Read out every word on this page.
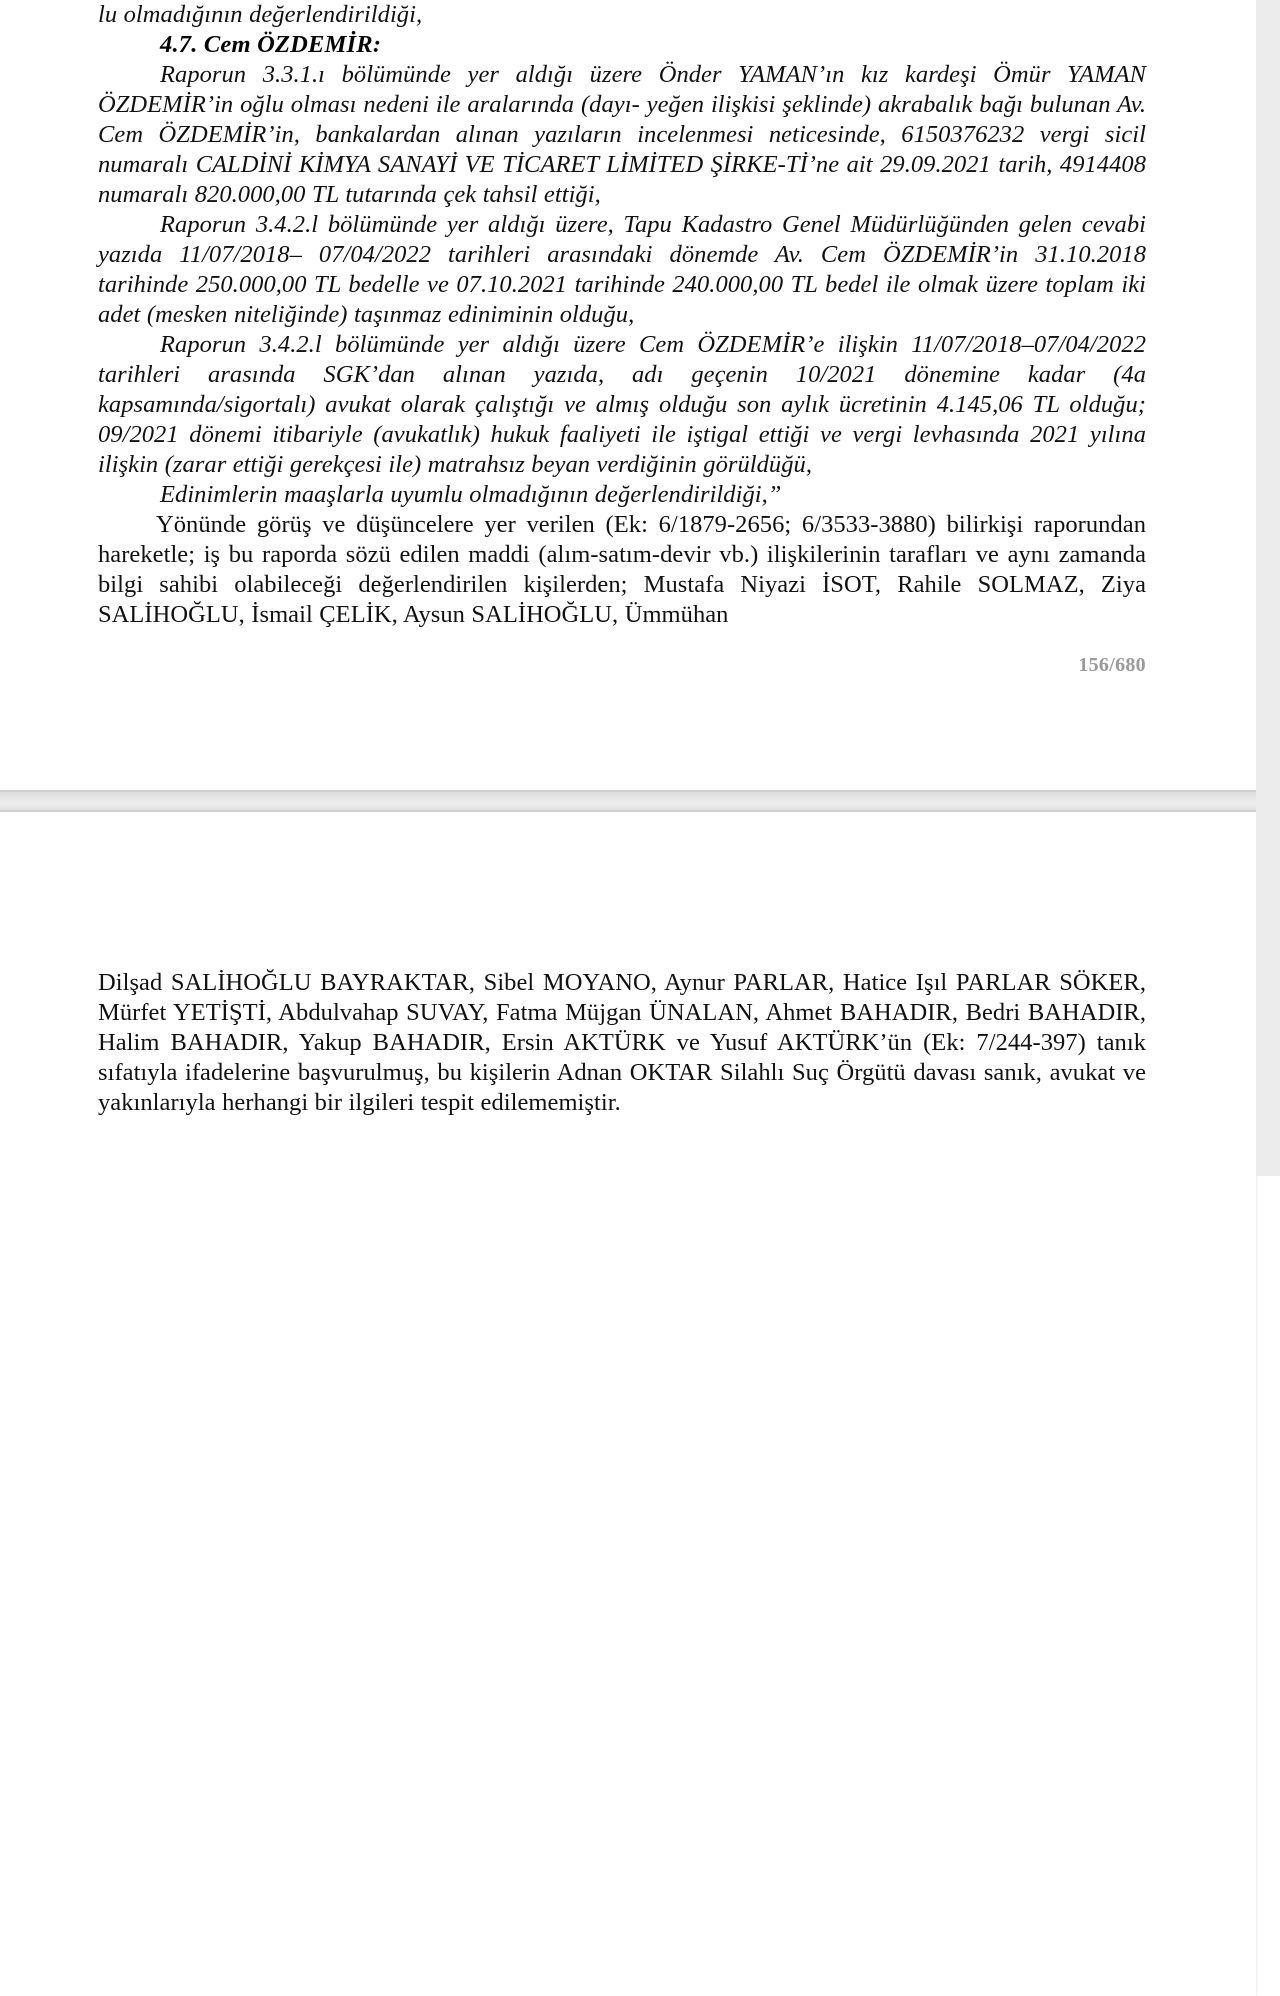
lu olmadığının değerlendirildiği,

4.7. Cem ÖZDEMİR:

Raporun 3.3.1.ı bölümünde yer aldığı üzere Önder YAMAN’ın kız kardeşi Ömür YAMAN ÖZDEMİR’in oğlu olması nedeni ile aralarında (dayı- yeğen ilişkisi şeklinde) akrabalık bağı bulunan Av. Cem ÖZDEMİR’in, bankalardan alınan yazıların incelenmesi neticesinde, 6150376232 vergi sicil numaralı CALDİNİ KİMYA SANAYİ VE TİCARET LİMİTED ŞİRKE-Tİ’ne ait 29.09.2021 tarih, 4914408 numaralı 820.000,00 TL tutarında çek tahsil ettiği,

Raporun 3.4.2.l bölümünde yer aldığı üzere, Tapu Kadastro Genel Müdürlüğünden gelen cevabi yazıda 11/07/2018– 07/04/2022 tarihleri arasındaki dönemde Av. Cem ÖZDEMİR’in 31.10.2018 tarihinde 250.000,00 TL bedelle ve 07.10.2021 tarihinde 240.000,00 TL bedel ile olmak üzere toplam iki adet (mesken niteliğinde) taşınmaz ediniminin olduğu,

Raporun 3.4.2.l bölümünde yer aldığı üzere Cem ÖZDEMİR’e ilişkin 11/07/2018–07/04/2022 tarihleri arasında SGK’dan alınan yazıda, adı geçenin 10/2021 dönemine kadar (4a kapsamında/sigortalı) avukat olarak çalıştığı ve almış olduğu son aylık ücretinin 4.145,06 TL olduğu; 09/2021 dönemi itibariyle (avukatlık) hukuk faaliyeti ile iştigal ettiği ve vergi levhasında 2021 yılına ilişkin (zarar ettiği gerekçesi ile) matrahsız beyan verdiğinin görüldüğü,

Edinimlerin maaşlarla uyumlu olmadığının değerlendirildiği,”

Yönünde görüş ve düşüncelere yer verilen (Ek: 6/1879-2656; 6/3533-3880) bilirkişi raporundan hareketle; iş bu raporda sözü edilen maddi (alım-satım-devir vb.) ilişkilerinin tarafları ve aynı zamanda bilgi sahibi olabileceği değerlendirilen kişilerden; Mustafa Niyazi İSOT, Rahile SOLMAZ, Ziya SALİHOĞLU, İsmail ÇELİK, Aysun SALİHOĞLU, Ümmühan

156/680

Dilşad SALİHOĞLU BAYRAKTAR, Sibel MOYANO, Aynur PARLAR, Hatice Işıl PARLAR SÖKER, Mürfet YETİŞTİ, Abdulvahap SUVAY, Fatma Müjgan ÜNALAN, Ahmet BAHADIR, Bedri BAHADIR, Halim BAHADIR, Yakup BAHADIR, Ersin AKTÜRK ve Yusuf AKTÜRK’ün (Ek: 7/244-397) tanık sıfatıyla ifadelerine başvurulmuş, bu kişilerin Adnan OKTAR Silahlı Suç Örgütü davası sanık, avukat ve yakınlarıyla herhangi bir ilgileri tespit edilememiştir.
